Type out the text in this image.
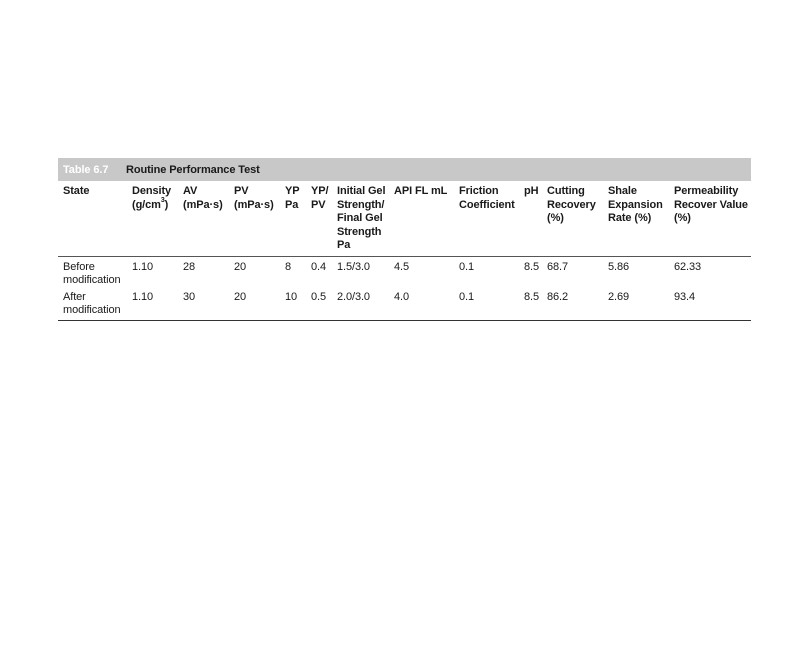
Table 6.7	Routine Performance Test
State	Density $(g/cm^3)$	AV (mPa·s)	PV (mPa·s)	YP Pa	YP/ PV	Initial Gel Strength/ Final Gel Strength Pa	API FL mL	Friction Coefficient	pH	Cutting Recovery (%)	Shale Expansion Rate (%)	Permeability Recover Value (%)
Before modification	1.10	28	20	8	0.4	1.5/3.0	4.5	0.1	8.5	68.7	5.86	62.33
After modification	1.10	30	20	10	0.5	2.0/3.0	4.0	0.1	8.5	86.2	2.69	93.4
